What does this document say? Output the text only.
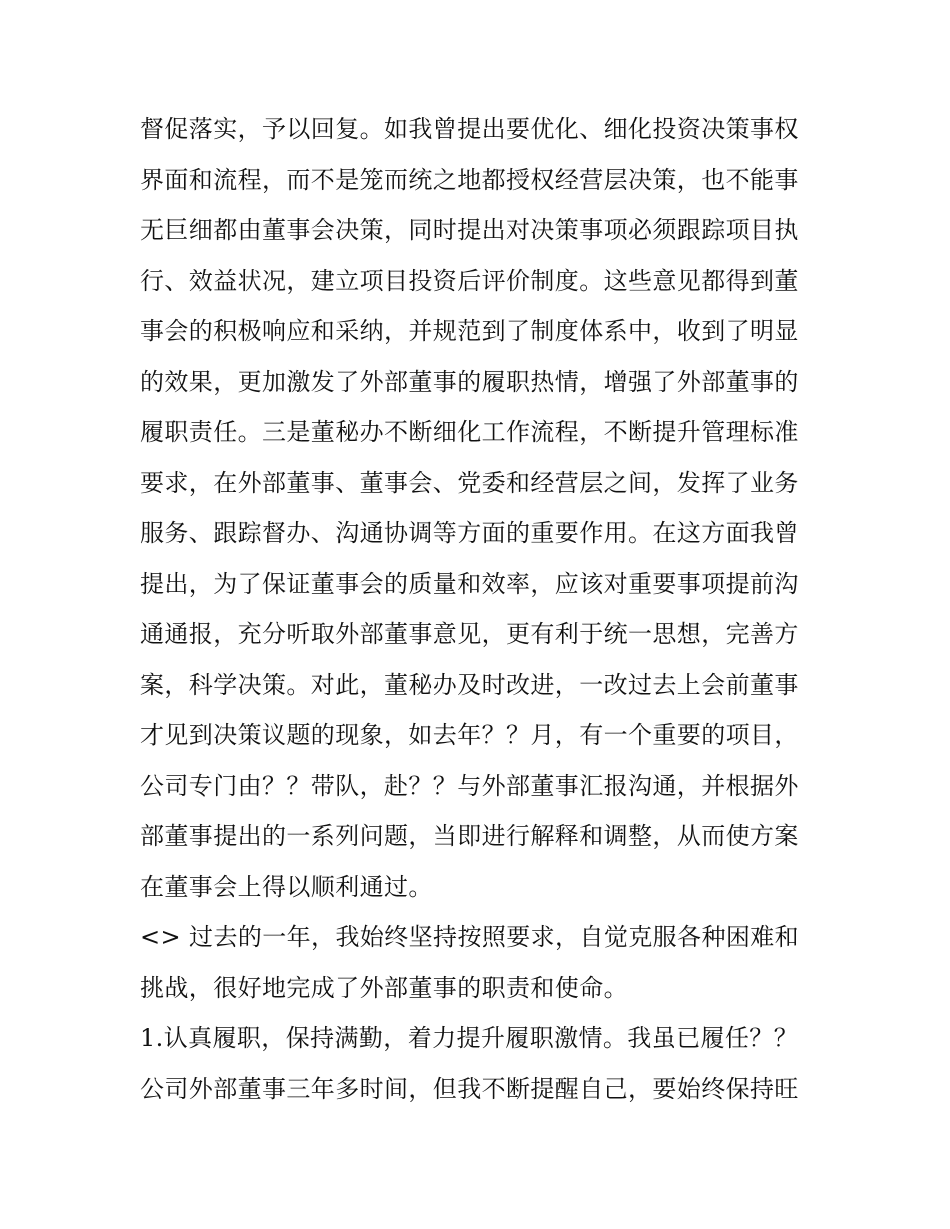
督促落实，予以回复。如我曾提出要优化、细化投资决策事权
界面和流程，而不是笼而统之地都授权经营层决策，也不能事
无巨细都由董事会决策，同时提出对决策事项必须跟踪项目执
行、效益状况，建立项目投资后评价制度。这些意见都得到董
事会的积极响应和采纳，并规范到了制度体系中，收到了明显
的效果，更加激发了外部董事的履职热情，增强了外部董事的
履职责任。三是董秘办不断细化工作流程，不断提升管理标准
要求，在外部董事、董事会、党委和经营层之间，发挥了业务
服务、跟踪督办、沟通协调等方面的重要作用。在这方面我曾
提出，为了保证董事会的质量和效率，应该对重要事项提前沟
通通报，充分听取外部董事意见，更有利于统一思想，完善方
案，科学决策。对此，董秘办及时改进，一改过去上会前董事
才见到决策议题的现象，如去年？？月，有一个重要的项目，
公司专门由？？带队，赴？？与外部董事汇报沟通，并根据外
部董事提出的一系列问题，当即进行解释和调整，从而使方案
在董事会上得以顺利通过。
<> 过去的一年，我始终坚持按照要求，自觉克服各种困难和
挑战，很好地完成了外部董事的职责和使命。
1.认真履职，保持满勤，着力提升履职激情。我虽已履任？？
公司外部董事三年多时间，但我不断提醒自己，要始终保持旺
